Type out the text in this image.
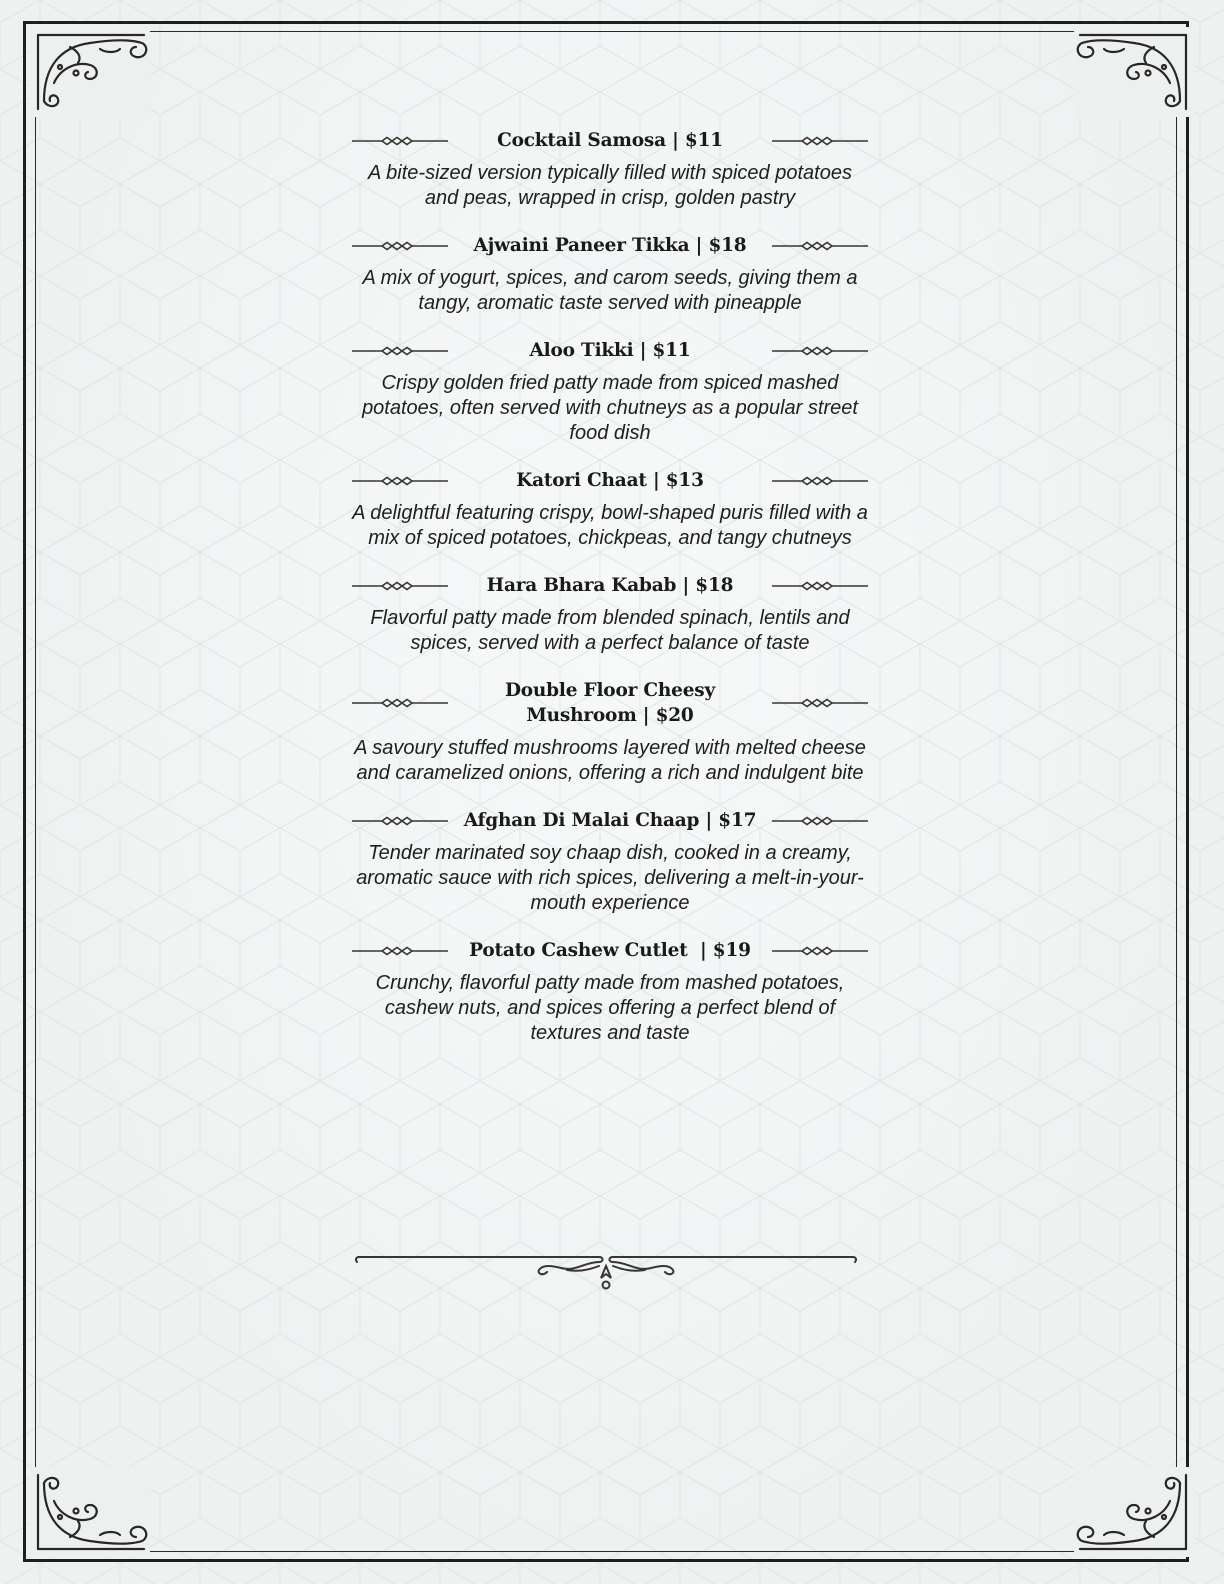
Cocktail Samosa | $11
A bite-sized version typically filled with spiced potatoes and peas, wrapped in crisp, golden pastry
Ajwaini Paneer Tikka | $18
A mix of yogurt, spices, and carom seeds, giving them a tangy, aromatic taste served with pineapple
Aloo Tikki | $11
Crispy golden fried patty made from spiced mashed potatoes, often served with chutneys as a popular street food dish
Katori Chaat | $13
A delightful featuring crispy, bowl-shaped puris filled with a mix of spiced potatoes, chickpeas, and tangy chutneys
Hara Bhara Kabab | $18
Flavorful patty made from blended spinach, lentils and spices, served with a perfect balance of taste
Double Floor Cheesy Mushroom | $20
A savoury stuffed mushrooms layered with melted cheese and caramelized onions, offering a rich and indulgent bite
Afghan Di Malai Chaap | $17
Tender marinated soy chaap dish, cooked in a creamy, aromatic sauce with rich spices, delivering a melt-in-your-mouth experience
Potato Cashew Cutlet  | $19
Crunchy, flavorful patty made from mashed potatoes, cashew nuts, and spices offering a perfect blend of textures and taste
